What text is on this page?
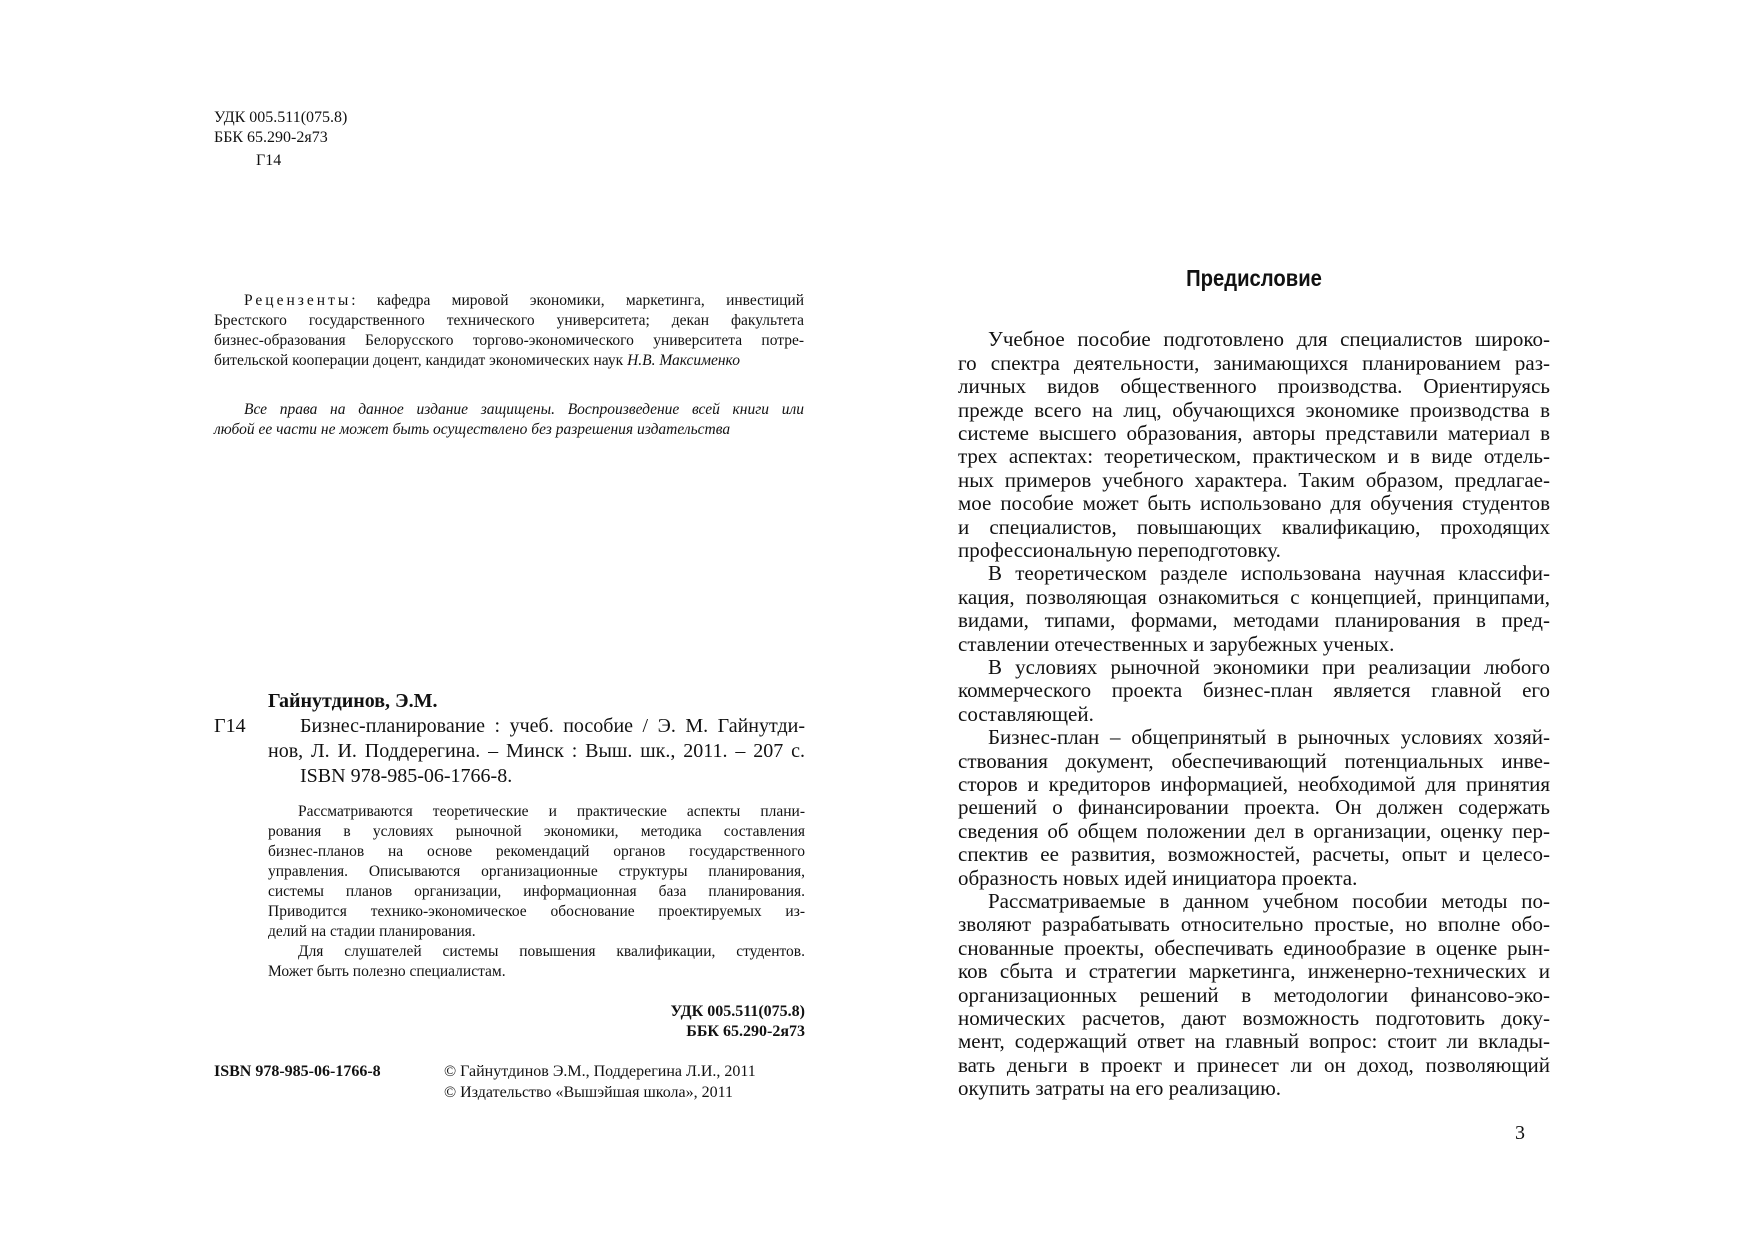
УДК 005.511(075.8)
ББК 65.290-2я73
Г14
Рецензенты: кафедра мировой экономики, маркетинга, инвестиций
Брестского государственного технического университета; декан факультета
бизнес-образования Белорусского торгово-экономического университета потре-
бительской кооперации доцент, кандидат экономических наук Н.В. Максименко
Все права на данное издание защищены. Воспроизведение всей книги или
любой ее части не может быть осуществлено без разрешения издательства
Гайнутдинов, Э.М.
Г14	Бизнес-планирование : учеб. пособие / Э. М. Гайнутди-
нов, Л. И. Поддерегина. – Минск : Выш. шк., 2011. – 207 с.
ISBN 978-985-06-1766-8.
Рассматриваются теоретические и практические аспекты плани-
рования в условиях рыночной экономики, методика составления
бизнес-планов на основе рекомендаций органов государственного
управления. Описываются организационные структуры планирования,
системы планов организации, информационная база планирования.
Приводится технико-экономическое обоснование проектируемых из-
делий на стадии планирования.
Для слушателей системы повышения квалификации, студентов.
Может быть полезно специалистам.
УДК 005.511(075.8)
ББК 65.290-2я73
ISBN 978-985-06-1766-8	© Гайнутдинов Э.М., Поддерегина Л.И., 2011
© Издательство «Вышэйшая школа», 2011
Предисловие
Учебное пособие подготовлено для специалистов широко-
го спектра деятельности, занимающихся планированием раз-
личных видов общественного производства. Ориентируясь
прежде всего на лиц, обучающихся экономике производства в
системе высшего образования, авторы представили материал в
трех аспектах: теоретическом, практическом и в виде отдель-
ных примеров учебного характера. Таким образом, предлагае-
мое пособие может быть использовано для обучения студентов
и специалистов, повышающих квалификацию, проходящих
профессиональную переподготовку.
В теоретическом разделе использована научная классифи-
кация, позволяющая ознакомиться с концепцией, принципами,
видами, типами, формами, методами планирования в пред-
ставлении отечественных и зарубежных ученых.
В условиях рыночной экономики при реализации любого
коммерческого проекта бизнес-план является главной его
составляющей.
Бизнес-план – общепринятый в рыночных условиях хозяй-
ствования документ, обеспечивающий потенциальных инве-
сторов и кредиторов информацией, необходимой для принятия
решений о финансировании проекта. Он должен содержать
сведения об общем положении дел в организации, оценку пер-
спектив ее развития, возможностей, расчеты, опыт и целесо-
образность новых идей инициатора проекта.
Рассматриваемые в данном учебном пособии методы по-
зволяют разрабатывать относительно простые, но вполне обо-
снованные проекты, обеспечивать единообразие в оценке рын-
ков сбыта и стратегии маркетинга, инженерно-технических и
организационных решений в методологии финансово-эко-
номических расчетов, дают возможность подготовить доку-
мент, содержащий ответ на главный вопрос: стоит ли вклады-
вать деньги в проект и принесет ли он доход, позволяющий
окупить затраты на его реализацию.
3
